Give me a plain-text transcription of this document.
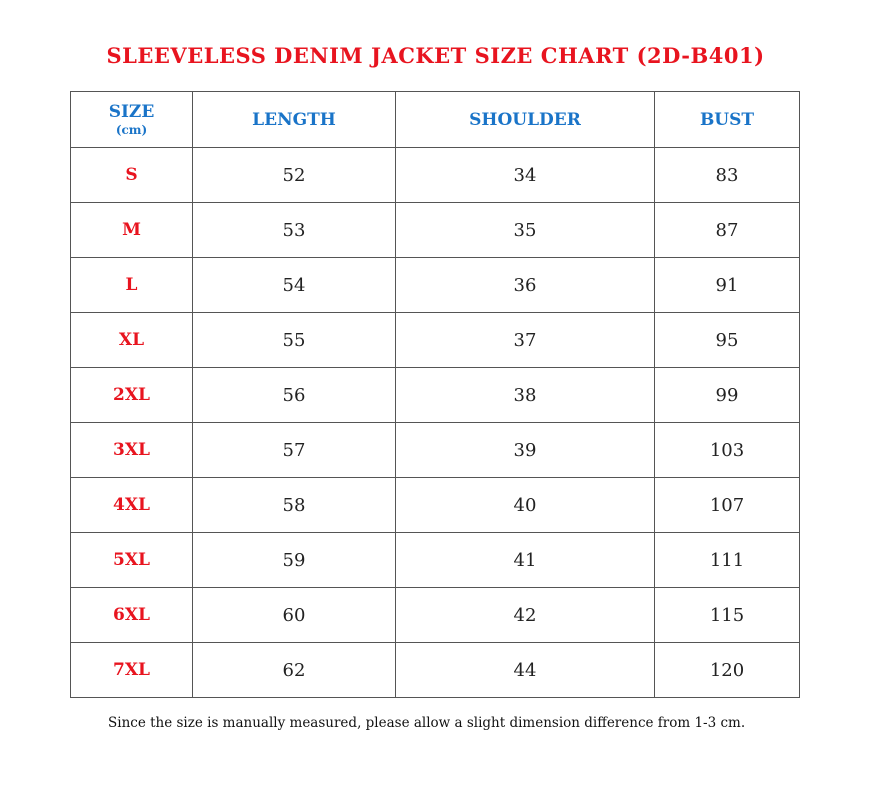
SLEEVELESS DENIM JACKET SIZE CHART (2D-B401)
SIZE
(cm)	LENGTH	SHOULDER	BUST
S	52	34	83
M	53	35	87
L	54	36	91
XL	55	37	95
2XL	56	38	99
3XL	57	39	103
4XL	58	40	107
5XL	59	41	111
6XL	60	42	115
7XL	62	44	120
Since the size is manually measured, please allow a slight dimension difference from 1-3 cm.
